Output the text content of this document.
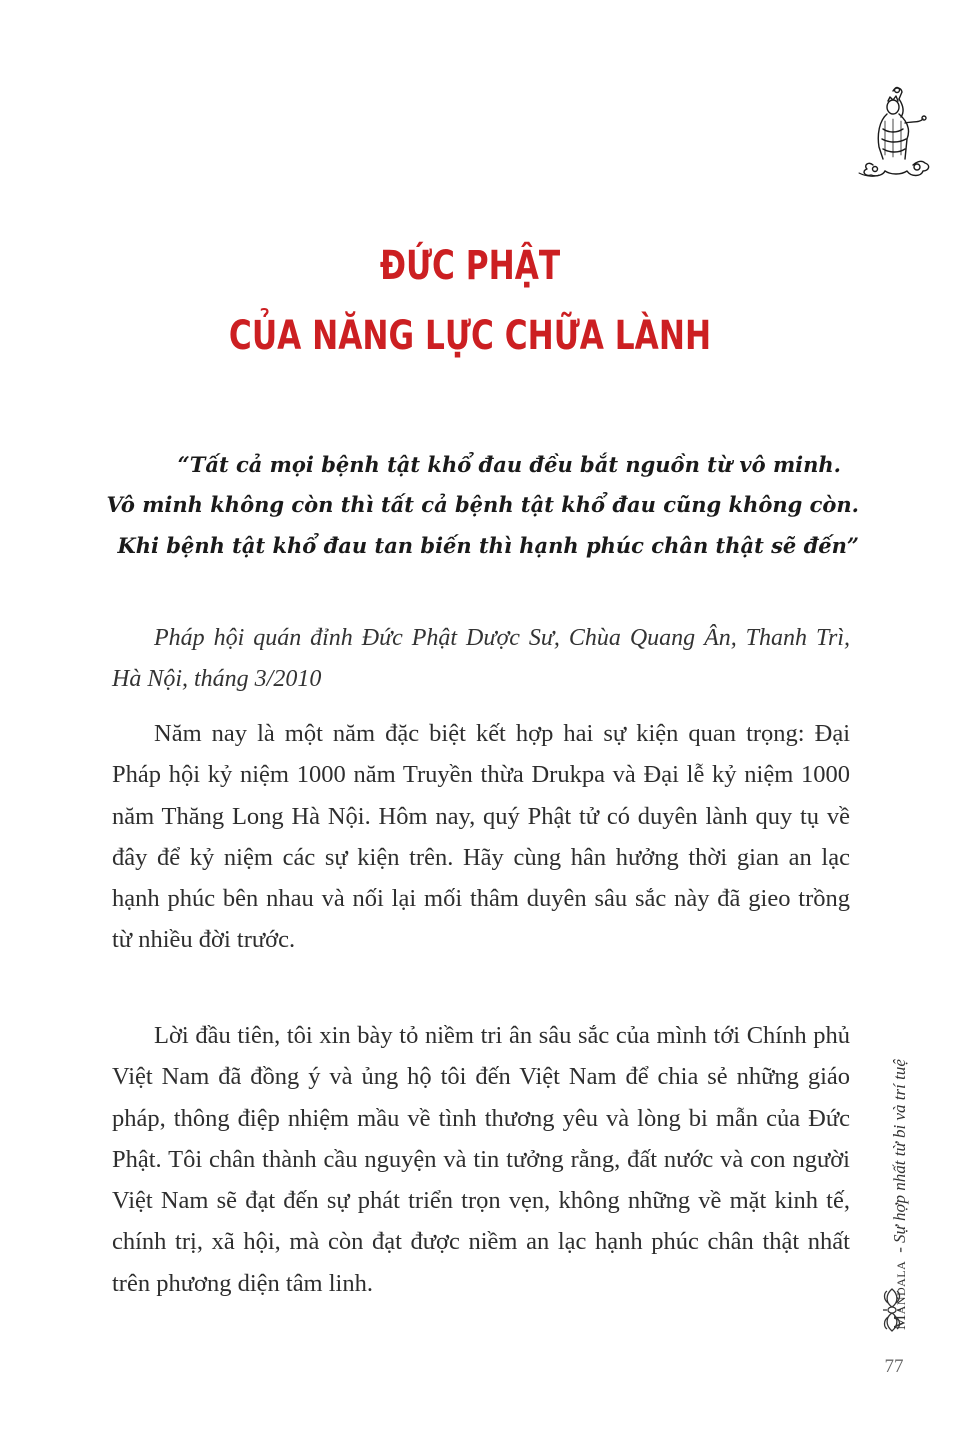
ĐỨC PHẬT
CỦA NĂNG LỰC CHỮA LÀNH
“Tất cả mọi bệnh tật khổ đau đều bắt nguồn từ vô minh.
Vô minh không còn thì tất cả bệnh tật khổ đau cũng không còn.
Khi bệnh tật khổ đau tan biến thì hạnh phúc chân thật sẽ đến”
Pháp hội quán đỉnh Đức Phật Dược Sư, Chùa Quang Ân, Thanh Trì, Hà Nội, tháng 3/2010
Năm nay là một năm đặc biệt kết hợp hai sự kiện quan trọng: Đại Pháp hội kỷ niệm 1000 năm Truyền thừa Drukpa và Đại lễ kỷ niệm 1000 năm Thăng Long Hà Nội. Hôm nay, quý Phật tử có duyên lành quy tụ về đây để kỷ niệm các sự kiện trên. Hãy cùng hân hưởng thời gian an lạc hạnh phúc bên nhau và nối lại mối thâm duyên sâu sắc này đã gieo trồng từ nhiều đời trước.
Lời đầu tiên, tôi xin bày tỏ niềm tri ân sâu sắc của mình tới Chính phủ Việt Nam đã đồng ý và ủng hộ tôi đến Việt Nam để chia sẻ những giáo pháp, thông điệp nhiệm mầu về tình thương yêu và lòng bi mẫn của Đức Phật. Tôi chân thành cầu nguyện và tin tưởng rằng, đất nước và con người Việt Nam sẽ đạt đến sự phát triển trọn vẹn, không những về mặt kinh tế, chính trị, xã hội, mà còn đạt được niềm an lạc hạnh phúc chân thật nhất trên phương diện tâm linh.	Mandala
-
Sự hợp nhất từ bi và trí tuệ
77
